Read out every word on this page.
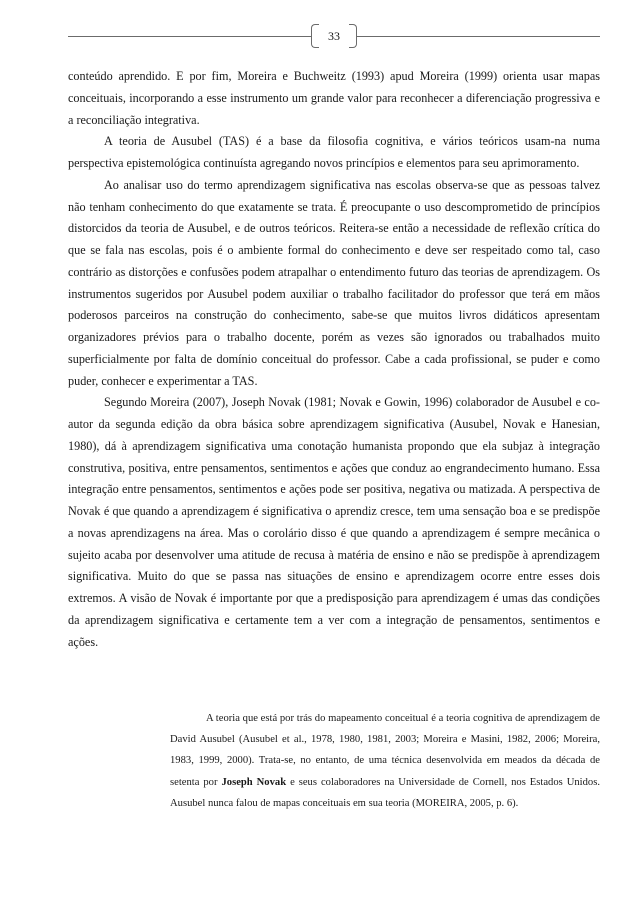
33

conteúdo aprendido. E por fim, Moreira e Buchweitz (1993) apud Moreira (1999) orienta usar mapas conceituais, incorporando a esse instrumento um grande valor para reconhecer a diferenciação progressiva e a reconciliação integrativa.

A teoria de Ausubel (TAS) é a base da filosofia cognitiva, e vários teóricos usam-na numa perspectiva epistemológica continuísta agregando novos princípios e elementos para seu aprimoramento.

Ao analisar uso do termo aprendizagem significativa nas escolas observa-se que as pessoas talvez não tenham conhecimento do que exatamente se trata. É preocupante o uso descomprometido de princípios distorcidos da teoria de Ausubel, e de outros teóricos. Reitera-se então a necessidade de reflexão crítica do que se fala nas escolas, pois é o ambiente formal do conhecimento e deve ser respeitado como tal, caso contrário as distorções e confusões podem atrapalhar o entendimento futuro das teorias de aprendizagem. Os instrumentos sugeridos por Ausubel podem auxiliar o trabalho facilitador do professor que terá em mãos poderosos parceiros na construção do conhecimento, sabe-se que muitos livros didáticos apresentam organizadores prévios para o trabalho docente, porém as vezes são ignorados ou trabalhados muito superficialmente por falta de domínio conceitual do professor. Cabe a cada profissional, se puder e como puder, conhecer e experimentar a TAS.

Segundo Moreira (2007), Joseph Novak (1981; Novak e Gowin, 1996) colaborador de Ausubel e co-autor da segunda edição da obra básica sobre aprendizagem significativa (Ausubel, Novak e Hanesian, 1980), dá à aprendizagem significativa uma conotação humanista propondo que ela subjaz à integração construtiva, positiva, entre pensamentos, sentimentos e ações que conduz ao engrandecimento humano. Essa integração entre pensamentos, sentimentos e ações pode ser positiva, negativa ou matizada. A perspectiva de Novak é que quando a aprendizagem é significativa o aprendiz cresce, tem uma sensação boa e se predispõe a novas aprendizagens na área. Mas o corolário disso é que quando a aprendizagem é sempre mecânica o sujeito acaba por desenvolver uma atitude de recusa à matéria de ensino e não se predispõe à aprendizagem significativa. Muito do que se passa nas situações de ensino e aprendizagem ocorre entre esses dois extremos. A visão de Novak é importante por que a predisposição para aprendizagem é umas das condições da aprendizagem significativa e certamente tem a ver com a integração de pensamentos, sentimentos e ações.

A teoria que está por trás do mapeamento conceitual é a teoria cognitiva de aprendizagem de David Ausubel (Ausubel et al., 1978, 1980, 1981, 2003; Moreira e Masini, 1982, 2006; Moreira, 1983, 1999, 2000). Trata-se, no entanto, de uma técnica desenvolvida em meados da década de setenta por Joseph Novak e seus colaboradores na Universidade de Cornell, nos Estados Unidos. Ausubel nunca falou de mapas conceituais em sua teoria (MOREIRA, 2005, p. 6).
